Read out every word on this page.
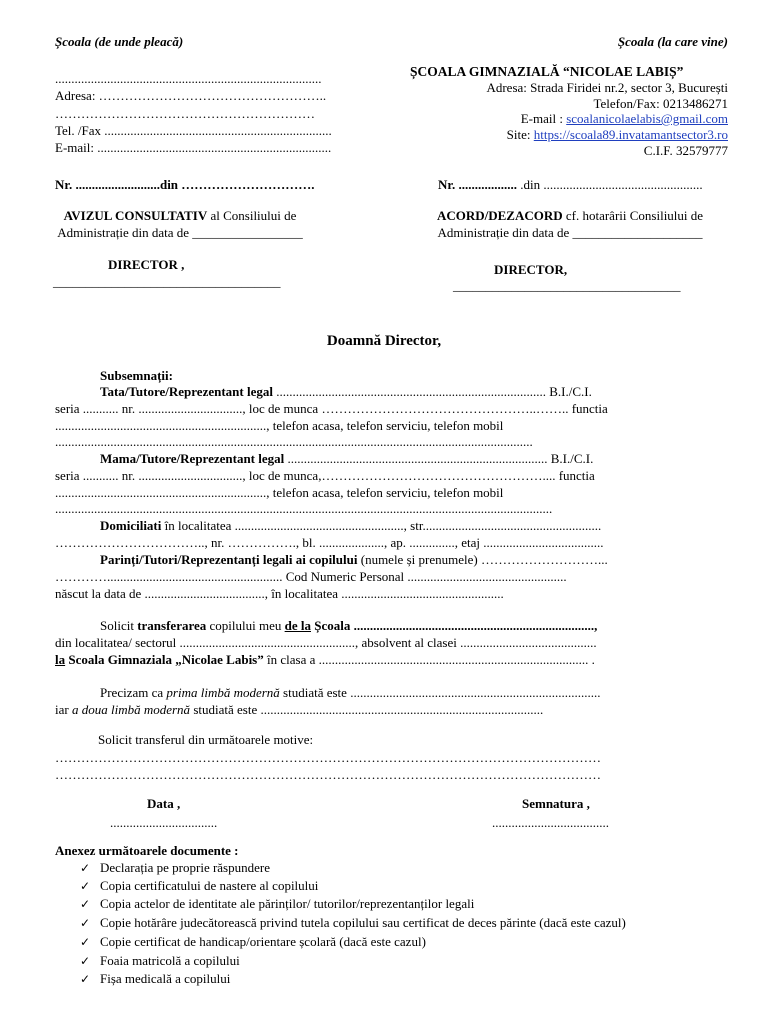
Școala (de unde pleacă)	Școala (la care vine)
..................................................................................
Adresa: ……………………………………………..
……………………………………………………
Tel. /Fax ......................................................................
E-mail: ........................................................................
ȘCOALA GIMNAZIALĂ “NICOLAE LABIȘ”
Adresa: Strada Firidei nr.2, sector 3, București
Telefon/Fax: 0213486271
E-mail : scoalanicolaelabis@gmail.com
Site: https://scoala89.invatamantsector3.ro
C.I.F. 32579777
Nr. ..........................din ………………………….	Nr. .................. .din .................................................
AVIZUL CONSULTATIV al Consiliului de
Administrație din data de _________________
ACORD/DEZACORD cf. hotarârii Consiliului de
Administrație din data de ____________________
DIRECTOR ,
___________________________________
DIRECTOR,
___________________________________
Doamnă Director,
Subsemnații:
Tata/Tutore/Reprezentant legal ................................................................................... B.I./C.I.
seria ........... nr. ................................, loc de munca …………………………………………..…….. functia
................................................................., telefon acasa, telefon serviciu, telefon mobil
...................................................................................................................................................
Mama/Tutore/Reprezentant legal ................................................................................ B.I./C.I.
seria ........... nr. ................................, loc de munca,…………………………………………….... functia
................................................................., telefon acasa, telefon serviciu, telefon mobil
.........................................................................................................................................................
Domiciliati în localitatea ...................................................., str.......................................................
…………………………….., nr. ……………., bl. ...................., ap. .............., etaj .....................................
Parinți/Tutori/Reprezentanți legali ai copilului (numele și prenumele) ………………………...
…………...................................................... Cod Numeric Personal .................................................
născut la data de ....................................., în localitatea ..................................................
Solicit transferarea copilului meu de la Școala ..........................................................................,
din localitatea/ sectorul ......................................................, absolvent al clasei ..........................................
la Scoala Gimnaziala „Nicolae Labis” în clasa a ................................................................................... .
Precizam ca prima limbă modernă studiată este .............................................................................
iar a doua limbă modernă studiată este .......................................................................................
Solicit transferul din următoarele motive:
………………………………………………………………………………………………………………
………………………………………………………………………………………………………………
Data ,
.................................
Semnatura ,
....................................
Anexez următoarele documente :
✓ Declarația pe proprie răspundere
✓ Copia certificatului de nastere al copilului
✓ Copia actelor de identitate ale părinților/ tutorilor/reprezentanților legali
✓ Copie hotărâre judecătorească privind tutela copilului sau certificat de deces părinte (dacă este cazul)
✓ Copie certificat de handicap/orientare școlară (dacă este cazul)
✓ Foaia matricolă a copilului
✓ Fișa medicală a copilului
